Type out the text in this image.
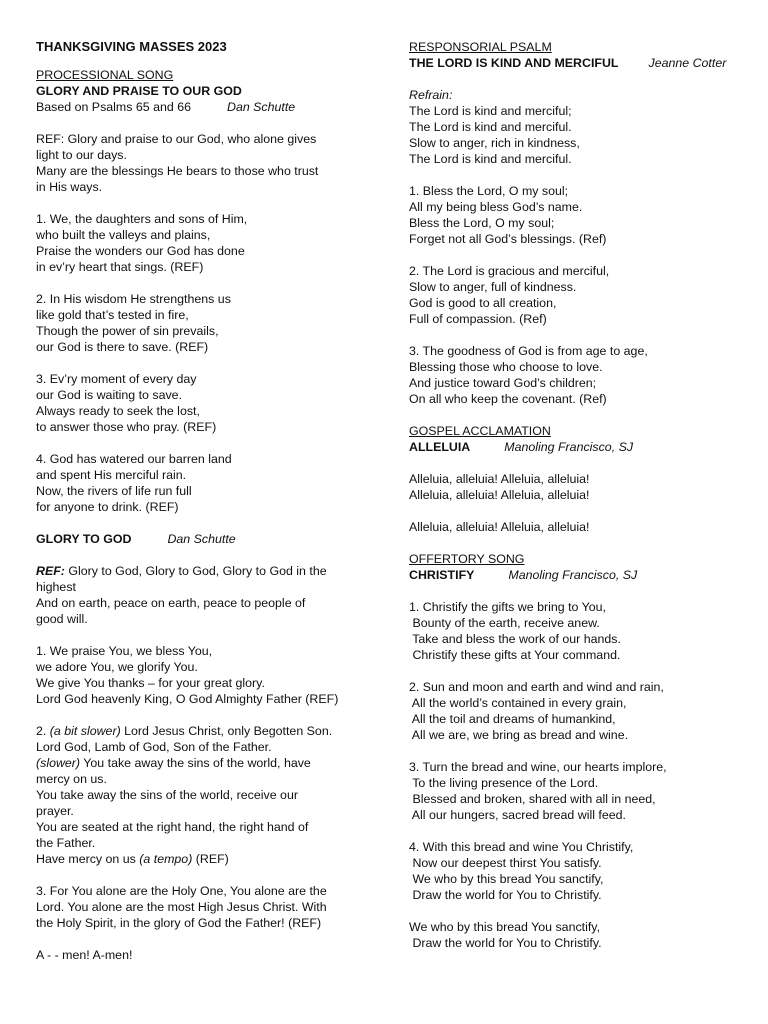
THANKSGIVING MASSES 2023
PROCESSIONAL SONG
GLORY AND PRAISE TO OUR GOD
Based on Psalms 65 and 66	Dan Schutte
REF: Glory and praise to our God, who alone gives
light to our days.
Many are the blessings He bears to those who trust
in His ways.
1. We, the daughters and sons of Him,
who built the valleys and plains,
Praise the wonders our God has done
in ev’ry heart that sings. (REF)
2. In His wisdom He strengthens us
like gold that’s tested in fire,
Though the power of sin prevails,
our God is there to save. (REF)
3. Ev’ry moment of every day
our God is waiting to save.
Always ready to seek the lost,
to answer those who pray. (REF)
4. God has watered our barren land
and spent His merciful rain.
Now, the rivers of life run full
for anyone to drink. (REF)
GLORY TO GOD	Dan Schutte
REF: Glory to God, Glory to God, Glory to God in the
highest
And on earth, peace on earth, peace to people of
good will.
1. We praise You, we bless You,
we adore You, we glorify You.
We give You thanks – for your great glory.
Lord God heavenly King, O God Almighty Father (REF)
2. (a bit slower) Lord Jesus Christ, only Begotten Son.
Lord God, Lamb of God, Son of the Father.
(slower) You take away the sins of the world, have
mercy on us.
You take away the sins of the world, receive our
prayer.
You are seated at the right hand, the right hand of
the Father.
Have mercy on us (a tempo) (REF)
3. For You alone are the Holy One, You alone are the
Lord. You alone are the most High Jesus Christ. With
the Holy Spirit, in the glory of God the Father! (REF)
A - - men! A-men!
RESPONSORIAL PSALM
THE LORD IS KIND AND MERCIFUL Jeanne Cotter
Refrain:
The Lord is kind and merciful;
The Lord is kind and merciful.
Slow to anger, rich in kindness,
The Lord is kind and merciful.
1. Bless the Lord, O my soul;
All my being bless God’s name.
Bless the Lord, O my soul;
Forget not all God’s blessings. (Ref)
2. The Lord is gracious and merciful,
Slow to anger, full of kindness.
God is good to all creation,
Full of compassion. (Ref)
3. The goodness of God is from age to age,
Blessing those who choose to love.
And justice toward God’s children;
On all who keep the covenant. (Ref)
GOSPEL ACCLAMATION
ALLELUIA	Manoling Francisco, SJ
Alleluia, alleluia! Alleluia, alleluia!
Alleluia, alleluia! Alleluia, alleluia!
Alleluia, alleluia! Alleluia, alleluia!
OFFERTORY SONG
CHRISTIFY	Manoling Francisco, SJ
1. Christify the gifts we bring to You,
Bounty of the earth, receive anew.
Take and bless the work of our hands.
Christify these gifts at Your command.
2. Sun and moon and earth and wind and rain,
All the world’s contained in every grain,
All the toil and dreams of humankind,
All we are, we bring as bread and wine.
3. Turn the bread and wine, our hearts implore,
To the living presence of the Lord.
Blessed and broken, shared with all in need,
All our hungers, sacred bread will feed.
4. With this bread and wine You Christify,
Now our deepest thirst You satisfy.
We who by this bread You sanctify,
Draw the world for You to Christify.
We who by this bread You sanctify,
Draw the world for You to Christify.
